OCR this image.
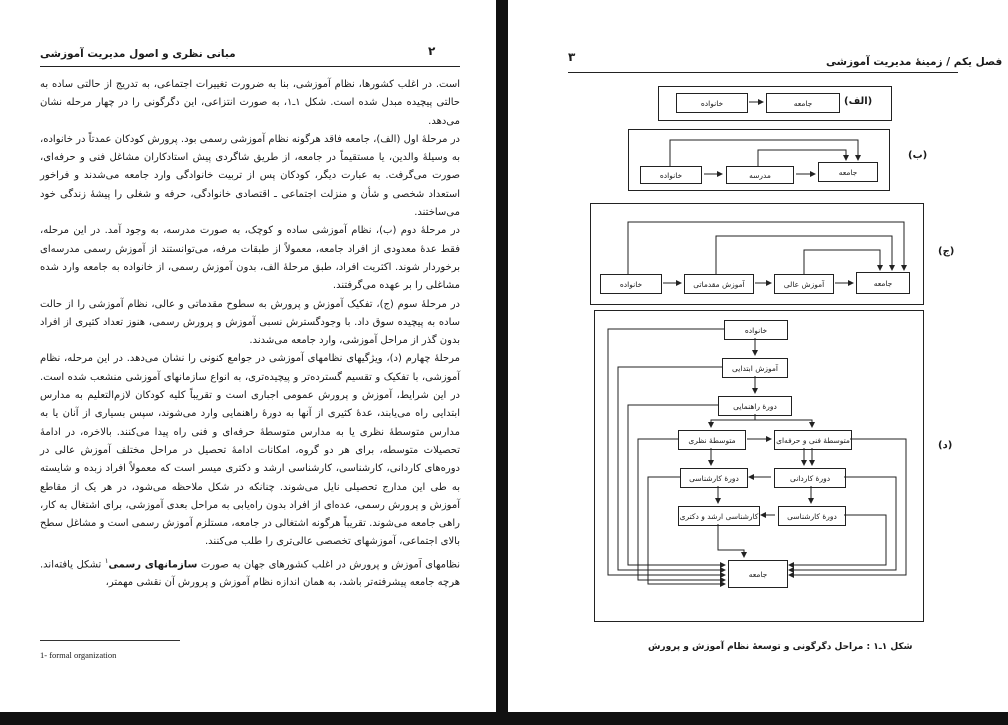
۲
مبانی نظری و اصول مدیریت آموزشی

است. در اغلب کشورها، نظام آموزشی، بنا به ضرورت تغییرات اجتماعی، به تدریج از حالتی ساده به حالتی پیچیده مبدل شده است. شکل ۱ـ۱، به صورت انتزاعی، این دگرگونی را در چهار مرحله نشان می‌دهد.

در مرحلهٔ اول (الف)، جامعه فاقد هرگونه نظام آموزشی رسمی بود. پرورش کودکان عمدتاً در خانواده، به وسیلهٔ والدین، یا مستقیماً در جامعه، از طریق شاگردی پیش استادکاران مشاغل فنی و حرفه‌ای، صورت می‌گرفت. به عبارت دیگر، کودکان پس از تربیت خانوادگی وارد جامعه می‌شدند و فراخور استعداد شخصی و شأن و منزلت اجتماعی ـ اقتصادی خانوادگی، حرفه و شغلی را پیشهٔ زندگی خود می‌ساختند.

در مرحلهٔ دوم (ب)، نظام آموزشی ساده و کوچک، به صورت مدرسه، به وجود آمد. در این مرحله، فقط عدهٔ معدودی از افراد جامعه، معمولاً از طبقات مرفه، می‌توانستند از آموزش رسمی مدرسه‌ای برخوردار شوند. اکثریت افراد، طبق مرحلهٔ الف، بدون آموزش رسمی، از خانواده به جامعه وارد شده مشاغلی را بر عهده می‌گرفتند.

در مرحلهٔ سوم (ج)، تفکیک آموزش و پرورش به سطوح مقدماتی و عالی، نظام آموزشی را از حالت ساده به پیچیده سوق داد. با وجودگسترش نسبی آموزش و پرورش رسمی، هنوز تعداد کثیری از افراد بدون گذر از مراحل آموزشی، وارد جامعه می‌شدند.

مرحلهٔ چهارم (د)، ویژگیهای نظامهای آموزشی در جوامع کنونی را نشان می‌دهد. در این مرحله، نظام آموزشی، با تفکیک و تقسیم گسترده‌تر و پیچیده‌تری، به انواع سازمانهای آموزشی منشعب شده است. در این شرایط، آموزش و پرورش عمومی اجباری است و تقریباً کلیه کودکان لازم‌التعلیم به مدارس ابتدایی راه می‌یابند، عدهٔ کثیری از آنها به دورهٔ راهنمایی وارد می‌شوند، سپس بسیاری از آنان یا به مدارس متوسطهٔ نظری یا به مدارس متوسطهٔ حرفه‌ای و فنی راه پیدا می‌کنند. بالاخره، در ادامهٔ تحصیلات متوسطه، برای هر دو گروه، امکانات ادامهٔ تحصیل در مراحل مختلف آموزش عالی در دوره‌های کاردانی، کارشناسی، کارشناسی ارشد و دکتری میسر است که معمولاً افراد زبده و شایسته به طی این مدارج تحصیلی نایل می‌شوند. چنانکه در شکل ملاحظه می‌شود، در هر یک از مقاطع آموزش و پرورش رسمی، عده‌ای از افراد بدون راه‌یابی به مراحل بعدی آموزشی، برای اشتغال به کار، راهی جامعه می‌شوند. تقریباً هرگونه اشتغالی در جامعه، مستلزم آموزش رسمی است و مشاغل سطح بالای اجتماعی، آموزشهای تخصصی عالی‌تری را طلب می‌کنند.

نظامهای آموزش و پرورش در اغلب کشورهای جهان به صورت سازمانهای رسمی$^۱$ تشکل یافته‌اند. هرچه جامعه پیشرفته‌تر باشد، به همان اندازه نظام آموزش و پرورش آن نقشی مهمتر،

1- formal organization
۳	فصل یکم / زمینهٔ مدیریت آموزشی
جامعه
خانواده	(الف)
جامعه
مدرسه
خانواده
(ب)
جامعه
آموزش عالی
آموزش مقدماتی
خانواده
(ج)
خانواده
آموزش ابتدایی
دورهٔ راهنمایی
متوسطهٔ فنی و حرفه‌ای
متوسطهٔ نظری
دورهٔ کاردانی
دورهٔ کارشناسی
دورهٔ کارشناسی
کارشناسی ارشد و دکتری
جامعه
(د)
شکل ۱ـ۱ : مراحل دگرگونی و توسعهٔ نظام آموزش و پرورش
